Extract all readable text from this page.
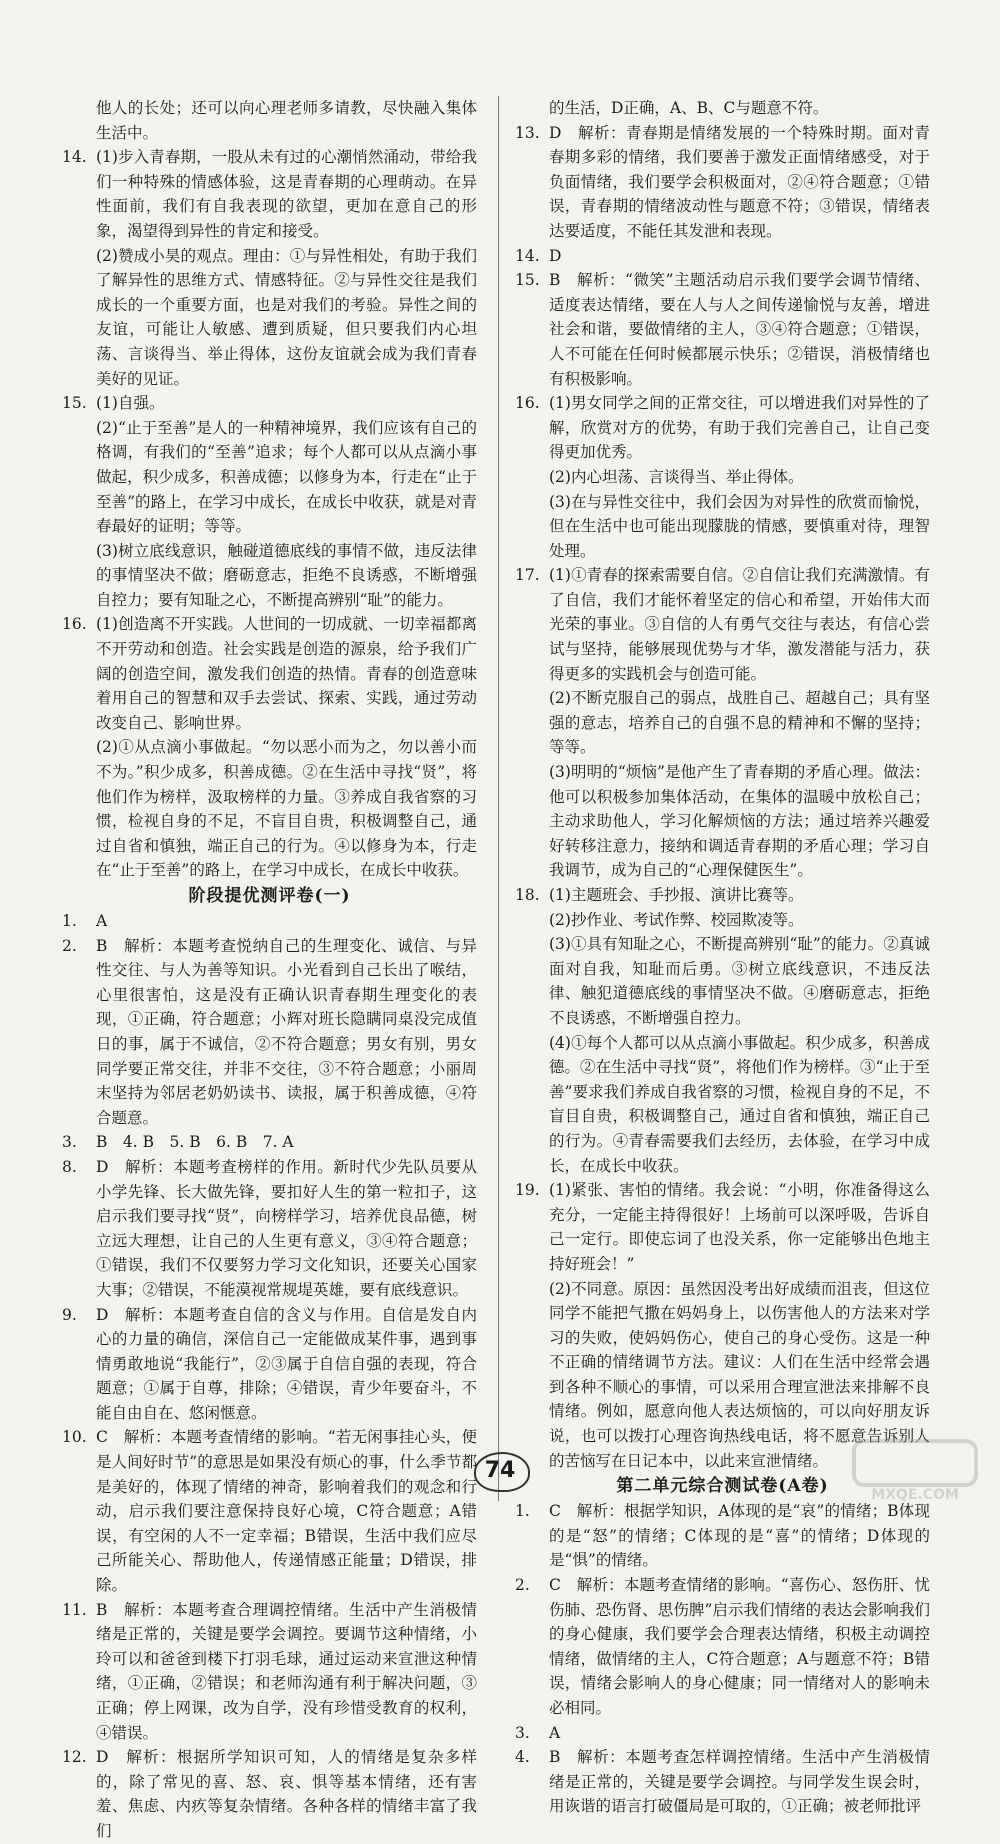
他人的长处；还可以向心理老师多请教，尽快融入集体生活中。
14. (1)步入青春期，一股从未有过的心潮悄然涌动，带给我们一种特殊的情感体验，这是青春期的心理萌动。在异性面前，我们有自我表现的欲望，更加在意自己的形象，渴望得到异性的肯定和接受。
(2)赞成小昊的观点。理由：①与异性相处，有助于我们了解异性的思维方式、情感特征。②与异性交往是我们成长的一个重要方面，也是对我们的考验。异性之间的友谊，可能让人敏感、遭到质疑，但只要我们内心坦荡、言谈得当、举止得体，这份友谊就会成为我们青春美好的见证。
15. (1)自强。
(2)“止于至善”是人的一种精神境界，我们应该有自己的格调，有我们的“至善”追求；每个人都可以从点滴小事做起，积少成多，积善成德；以修身为本，行走在“止于至善”的路上，在学习中成长，在成长中收获，就是对青春最好的证明；等等。
(3)树立底线意识，触碰道德底线的事情不做，违反法律的事情坚决不做；磨砺意志，拒绝不良诱惑，不断增强自控力；要有知耻之心，不断提高辨别“耻”的能力。
16. (1)创造离不开实践。人世间的一切成就、一切幸福都离不开劳动和创造。社会实践是创造的源泉，给予我们广阔的创造空间，激发我们创造的热情。青春的创造意味着用自己的智慧和双手去尝试、探索、实践，通过劳动改变自己、影响世界。
(2)①从点滴小事做起。“勿以恶小而为之，勿以善小而不为。”积少成多，积善成德。②在生活中寻找“贤”，将他们作为榜样，汲取榜样的力量。③养成自我省察的习惯，检视自身的不足，不盲目自贵，积极调整自己，通过自省和慎独，端正自己的行为。④以修身为本，行走在“止于至善”的路上，在学习中成长，在成长中收获。
阶段提优测评卷(一)
1.	A
2.	B　解析：本题考查悦纳自己的生理变化、诚信、与异性交往、与人为善等知识。小光看到自己长出了喉结，心里很害怕，这是没有正确认识青春期生理变化的表现，①正确，符合题意；小辉对班长隐瞒同桌没完成值日的事，属于不诚信，②不符合题意；男女有别，男女同学要正常交往，并非不交往，③不符合题意；小丽周末坚持为邻居老奶奶读书、读报，属于积善成德，④符合题意。
3.	B　4. B　5. B　6. B　7. A
8.	D　解析：本题考查榜样的作用。新时代少先队员要从小学先锋、长大做先锋，要扣好人生的第一粒扣子，这启示我们要寻找“贤”，向榜样学习，培养优良品德，树立远大理想，让自己的人生更有意义，③④符合题意；①错误，我们不仅要努力学习文化知识，还要关心国家大事；②错误，不能漠视常规堤英雄，要有底线意识。
9.	D　解析：本题考查自信的含义与作用。自信是发自内心的力量的确信，深信自己一定能做成某件事，遇到事情勇敢地说“我能行”，②③属于自信自强的表现，符合题意；①属于自尊，排除；④错误，青少年要奋斗，不能自由自在、悠闲惬意。
10. C　解析：本题考查情绪的影响。“若无闲事挂心头，便是人间好时节”的意思是如果没有烦心的事，什么季节都是美好的，体现了情绪的神奇，影响着我们的观念和行动，启示我们要注意保持良好心境，C符合题意；A错误，有空闲的人不一定幸福；B错误，生活中我们应尽己所能关心、帮助他人，传递情感正能量；D错误，排除。
11. B　解析：本题考查合理调控情绪。生活中产生消极情绪是正常的，关键是要学会调控。要调节这种情绪，小玲可以和爸爸到楼下打羽毛球，通过运动来宣泄这种情绪，①正确，②错误；和老师沟通有利于解决问题，③正确；停上网课，改为自学，没有珍惜受教育的权利，④错误。
12. D　解析：根据所学知识可知，人的情绪是复杂多样的，除了常见的喜、怒、哀、惧等基本情绪，还有害羞、焦虑、内疚等复杂情绪。各种各样的情绪丰富了我们
的生活，D正确，A、B、C与题意不符。
13. D　解析：青春期是情绪发展的一个特殊时期。面对青春期多彩的情绪，我们要善于激发正面情绪感受，对于负面情绪，我们要学会积极面对，②④符合题意；①错误，青春期的情绪波动性与题意不符；③错误，情绪表达要适度，不能任其发泄和表现。
14. D
15. B　解析：“微笑”主题活动启示我们要学会调节情绪、适度表达情绪，要在人与人之间传递愉悦与友善，增进社会和谐，要做情绪的主人，③④符合题意；①错误，人不可能在任何时候都展示快乐；②错误，消极情绪也有积极影响。
16. (1)男女同学之间的正常交往，可以增进我们对异性的了解，欣赏对方的优势，有助于我们完善自己，让自己变得更加优秀。
(2)内心坦荡、言谈得当、举止得体。
(3)在与异性交往中，我们会因为对异性的欣赏而愉悦，但在生活中也可能出现朦胧的情感，要慎重对待，理智处理。
17. (1)①青春的探索需要自信。②自信让我们充满激情。有了自信，我们才能怀着坚定的信心和希望，开始伟大而光荣的事业。③自信的人有勇气交往与表达，有信心尝试与坚持，能够展现优势与才华，激发潜能与活力，获得更多的实践机会与创造可能。
(2)不断克服自己的弱点，战胜自己、超越自己；具有坚强的意志，培养自己的自强不息的精神和不懈的坚持；等等。
(3)明明的“烦恼”是他产生了青春期的矛盾心理。做法：他可以积极参加集体活动，在集体的温暖中放松自己；主动求助他人，学习化解烦恼的方法；通过培养兴趣爱好转移注意力，接纳和调适青春期的矛盾心理；学习自我调节，成为自己的“心理保健医生”。
18. (1)主题班会、手抄报、演讲比赛等。
(2)抄作业、考试作弊、校园欺凌等。
(3)①具有知耻之心，不断提高辨别“耻”的能力。②真诚面对自我，知耻而后勇。③树立底线意识，不违反法律、触犯道德底线的事情坚决不做。④磨砺意志，拒绝不良诱惑，不断增强自控力。
(4)①每个人都可以从点滴小事做起。积少成多，积善成德。②在生活中寻找“贤”，将他们作为榜样。③“止于至善”要求我们养成自我省察的习惯，检视自身的不足，不盲目自贵，积极调整自己，通过自省和慎独，端正自己的行为。④青春需要我们去经历，去体验，在学习中成长，在成长中收获。
19. (1)紧张、害怕的情绪。我会说：“小明，你准备得这么充分，一定能主持得很好！上场前可以深呼吸，告诉自己一定行。即使忘词了也没关系，你一定能够出色地主持好班会！”
(2)不同意。原因：虽然因没考出好成绩而沮丧，但这位同学不能把气撒在妈妈身上，以伤害他人的方法来对学习的失败，使妈妈伤心，使自己的身心受伤。这是一种不正确的情绪调节方法。建议：人们在生活中经常会遇到各种不顺心的事情，可以采用合理宣泄法来排解不良情绪。例如，愿意向他人表达烦恼的，可以向好朋友诉说，也可以拨打心理咨询热线电话，将不愿意告诉别人的苦恼写在日记本中，以此来宣泄情绪。
第二单元综合测试卷(A卷)
1.	C　解析：根据学知识，A体现的是“哀”的情绪；B体现的是“怒”的情绪；C体现的是“喜”的情绪；D体现的是“惧”的情绪。
2.	C　解析：本题考查情绪的影响。“喜伤心、怒伤肝、忧伤肺、恐伤肾、思伤脾”启示我们情绪的表达会影响我们的身心健康，我们要学会合理表达情绪，积极主动调控情绪，做情绪的主人，C符合题意；A与题意不符；B错误，情绪会影响人的身心健康；同一情绪对人的影响未必相同。
3.	A
4.	B　解析：本题考查怎样调控情绪。生活中产生消极情绪是正常的，关键是要学会调控。与同学发生误会时，用诙谐的语言打破僵局是可取的，①正确；被老师批评
74
MXQE.COM
